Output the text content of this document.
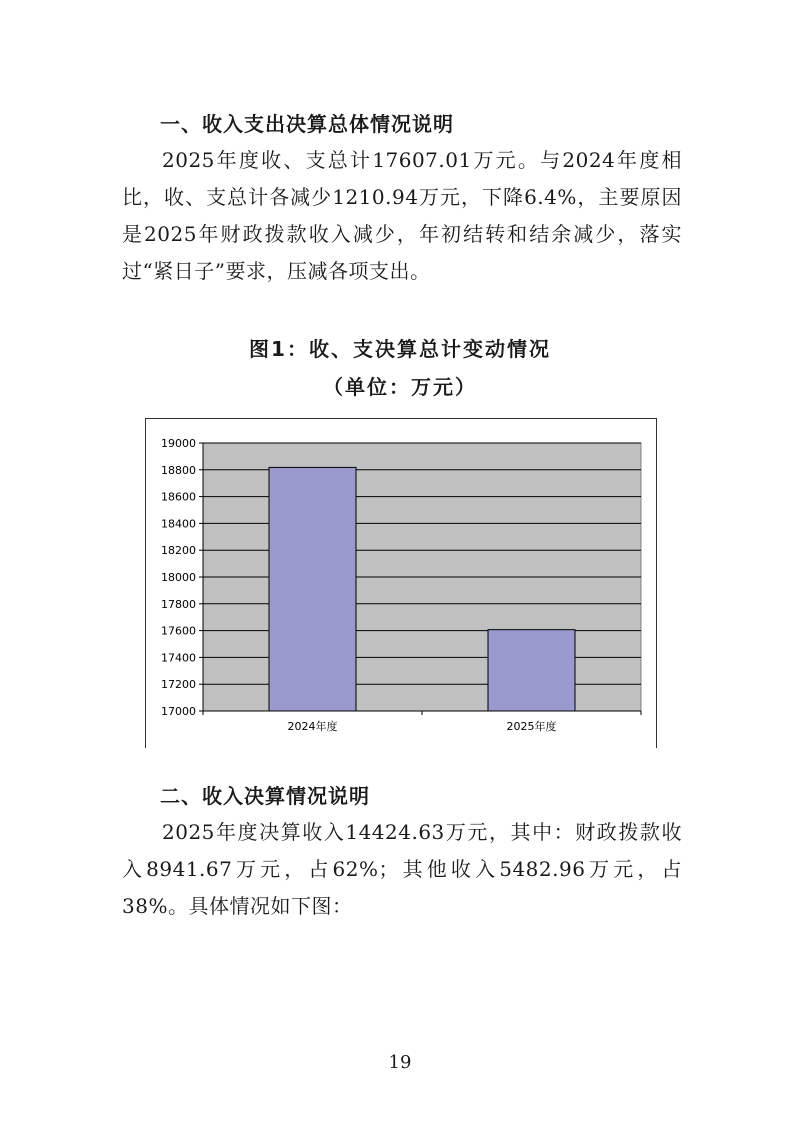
一、收入支出决算总体情况说明

2025年度收、支总计17607.01万元。与2024年度相比，收、支总计各减少1210.94万元，下降6.4%，主要原因是2025年财政拨款收入减少，年初结转和结余减少，落实过“紧日子”要求，压减各项支出。

图1：收、支决算总计变动情况
（单位：万元）
17000
17200
17400
17600
17800
18000
18200
18400
18600
18800
19000
2024年度	2025年度
二、收入决算情况说明

2025年度决算收入14424.63万元，其中：财政拨款收入8941.67万元，占62%；其他收入5482.96万元，占38%。具体情况如下图：

19
